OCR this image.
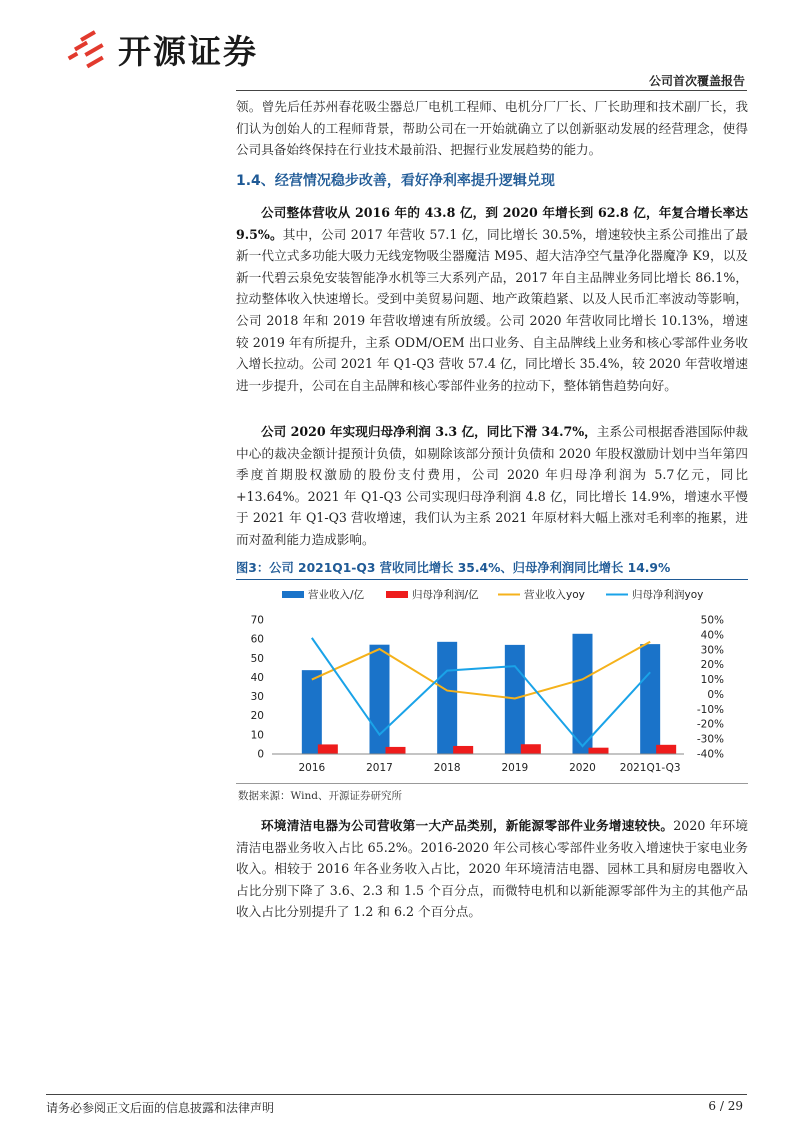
开源证券
公司首次覆盖报告

领。曾先后任苏州春花吸尘器总厂电机工程师、电机分厂厂长、厂长助理和技术副厂长，我们认为创始人的工程师背景，帮助公司在一开始就确立了以创新驱动发展的经营理念，使得公司具备始终保持在行业技术最前沿、把握行业发展趋势的能力。

1.4、 经营情况稳步改善，看好净利率提升逻辑兑现

公司整体营收从 2016 年的 43.8 亿，到 2020 年增长到 62.8 亿，年复合增长率达 9.5%。其中，公司 2017 年营收 57.1 亿，同比增长 30.5%，增速较快主系公司推出了最新一代立式多功能大吸力无线宠物吸尘器魔洁 M95、超大洁净空气量净化器魔净 K9，以及新一代碧云泉免安装智能净水机等三大系列产品，2017 年自主品牌业务同比增长 86.1%，拉动整体收入快速增长。受到中美贸易问题、地产政策趋紧、以及人民币汇率波动等影响，公司 2018 年和 2019 年营收增速有所放缓。公司 2020 年营收同比增长 10.13%，增速较 2019 年有所提升，主系 ODM/OEM 出口业务、自主品牌线上业务和核心零部件业务收入增长拉动。公司 2021 年 Q1-Q3 营收 57.4 亿，同比增长 35.4%，较 2020 年营收增速进一步提升，公司在自主品牌和核心零部件业务的拉动下，整体销售趋势向好。

公司 2020 年实现归母净利润 3.3 亿，同比下滑 34.7%，主系公司根据香港国际仲裁中心的裁决金额计提预计负债，如剔除该部分预计负债和 2020 年股权激励计划中当年第四季度首期股权激励的股份支付费用，公司 2020 年归母净利润为 5.7亿元，同比+13.64%。2021 年 Q1-Q3 公司实现归母净利润 4.8 亿，同比增长 14.9%，增速水平慢于 2021 年 Q1-Q3 营收增速，我们认为主系 2021 年原材料大幅上涨对毛利率的拖累，进而对盈利能力造成影响。

图3：公司 2021Q1-Q3 营收同比增长 35.4%、归母净利润同比增长 14.9%
营业收入/亿	归母净利润/亿	营业收入yoy	归母净利润yoy
0
10
20
30
40
50
60
70
-40%
-30%
-20%
-10%
0%
10%
20%
30%
40%
50%
2016	2017	2018	2019	2020 2021Q1-Q3
数据来源：Wind、开源证券研究所

环境清洁电器为公司营收第一大产品类别，新能源零部件业务增速较快。2020 年环境清洁电器业务收入占比 65.2%。2016-2020 年公司核心零部件业务收入增速快于家电业务收入。相较于 2016 年各业务收入占比，2020 年环境清洁电器、园林工具和厨房电器收入占比分别下降了 3.6、2.3 和 1.5 个百分点，而微特电机和以新能源零部件为主的其他产品收入占比分别提升了 1.2 和 6.2 个百分点。

请务必参阅正文后面的信息披露和法律声明	6 / 29
